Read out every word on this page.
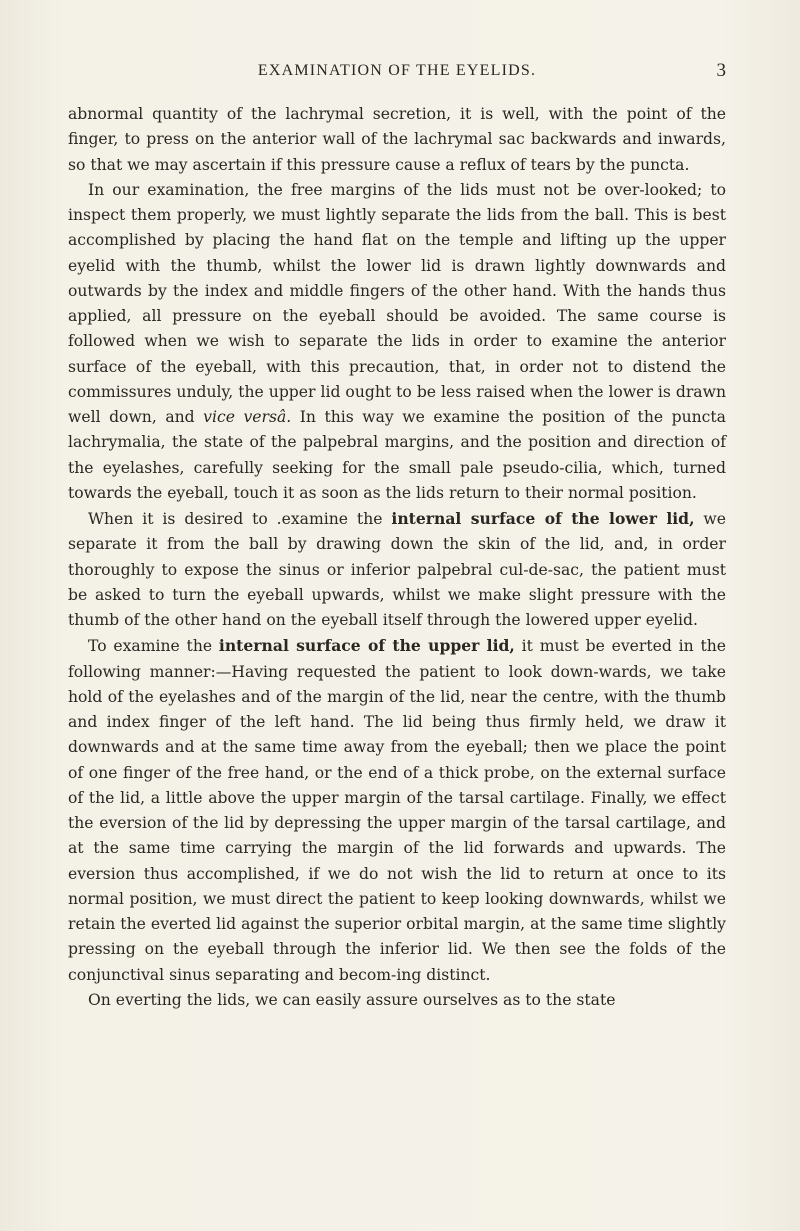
EXAMINATION OF THE EYELIDS.	3

abnormal quantity of the lachrymal secretion, it is well, with the point of the finger, to press on the anterior wall of the lachrymal sac backwards and inwards, so that we may ascertain if this pressure cause a reflux of tears by the puncta.

In our examination, the free margins of the lids must not be over-looked; to inspect them properly, we must lightly separate the lids from the ball. This is best accomplished by placing the hand flat on the temple and lifting up the upper eyelid with the thumb, whilst the lower lid is drawn lightly downwards and outwards by the index and middle fingers of the other hand. With the hands thus applied, all pressure on the eyeball should be avoided. The same course is followed when we wish to separate the lids in order to examine the anterior surface of the eyeball, with this precaution, that, in order not to distend the commissures unduly, the upper lid ought to be less raised when the lower is drawn well down, and vice versâ. In this way we examine the position of the puncta lachrymalia, the state of the palpebral margins, and the position and direction of the eyelashes, carefully seeking for the small pale pseudo-cilia, which, turned towards the eyeball, touch it as soon as the lids return to their normal position.

When it is desired to .examine the internal surface of the lower lid, we separate it from the ball by drawing down the skin of the lid, and, in order thoroughly to expose the sinus or inferior palpebral cul-de-sac, the patient must be asked to turn the eyeball upwards, whilst we make slight pressure with the thumb of the other hand on the eyeball itself through the lowered upper eyelid.

To examine the internal surface of the upper lid, it must be everted in the following manner:—Having requested the patient to look down-wards, we take hold of the eyelashes and of the margin of the lid, near the centre, with the thumb and index finger of the left hand. The lid being thus firmly held, we draw it downwards and at the same time away from the eyeball; then we place the point of one finger of the free hand, or the end of a thick probe, on the external surface of the lid, a little above the upper margin of the tarsal cartilage. Finally, we effect the eversion of the lid by depressing the upper margin of the tarsal cartilage, and at the same time carrying the margin of the lid forwards and upwards. The eversion thus accomplished, if we do not wish the lid to return at once to its normal position, we must direct the patient to keep looking downwards, whilst we retain the everted lid against the superior orbital margin, at the same time slightly pressing on the eyeball through the inferior lid. We then see the folds of the conjunctival sinus separating and becom-ing distinct.

On everting the lids, we can easily assure ourselves as to the state
